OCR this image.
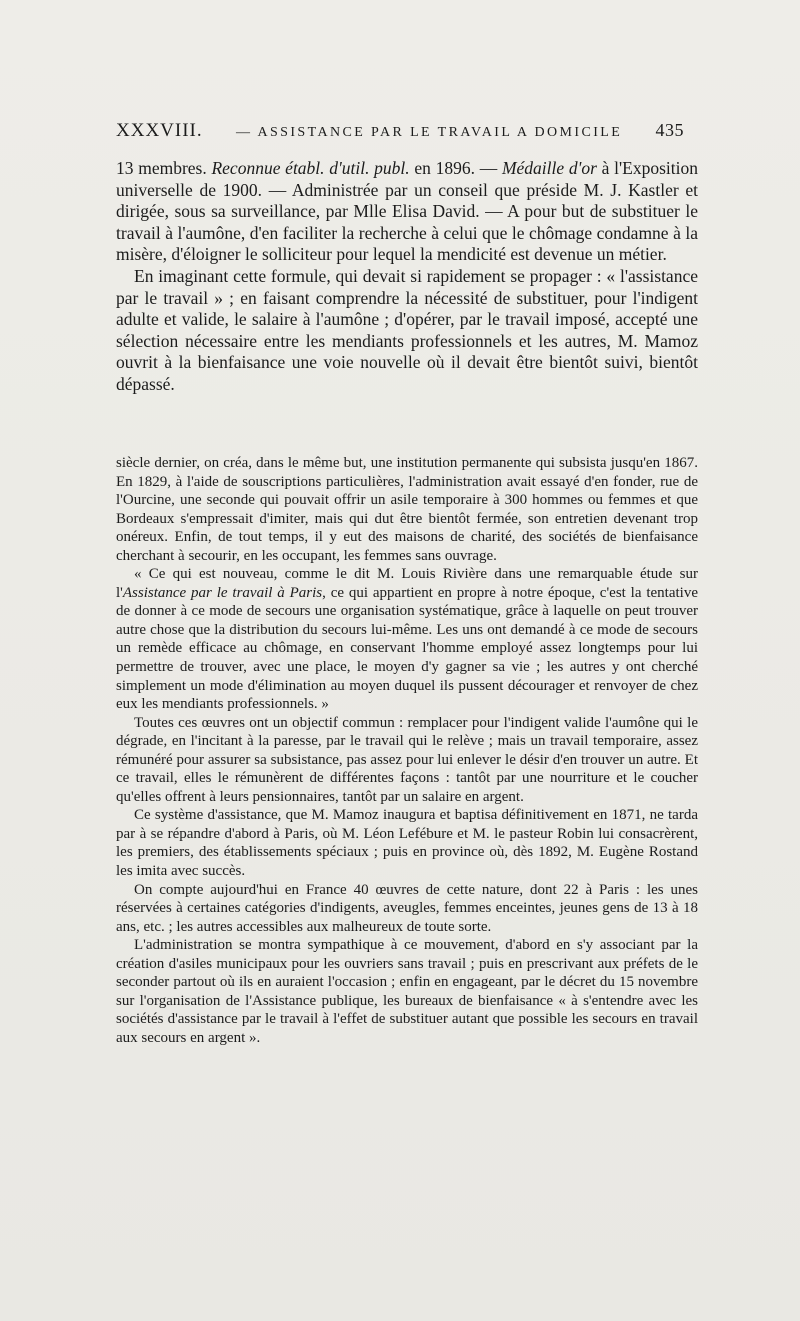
XXXVIII. — ASSISTANCE PAR LE TRAVAIL A DOMICILE 435

13 membres. Reconnue établ. d'util. publ. en 1896. — Médaille d'or à l'Exposition universelle de 1900. — Administrée par un conseil que préside M. J. Kastler et dirigée, sous sa surveillance, par Mlle Elisa David. — A pour but de substituer le travail à l'aumône, d'en faciliter la recherche à celui que le chômage condamne à la misère, d'éloigner le solliciteur pour lequel la mendicité est devenue un métier.

En imaginant cette formule, qui devait si rapidement se propager : « l'assistance par le travail » ; en faisant comprendre la nécessité de substituer, pour l'indigent adulte et valide, le salaire à l'aumône ; d'opérer, par le travail imposé, accepté une sélection nécessaire entre les mendiants professionnels et les autres, M. Mamoz ouvrit à la bienfaisance une voie nouvelle où il devait être bientôt suivi, bientôt dépassé.

siècle dernier, on créa, dans le même but, une institution permanente qui subsista jusqu'en 1867. En 1829, à l'aide de souscriptions particulières, l'administration avait essayé d'en fonder, rue de l'Ourcine, une seconde qui pouvait offrir un asile temporaire à 300 hommes ou femmes et que Bordeaux s'empressait d'imiter, mais qui dut être bientôt fermée, son entretien devenant trop onéreux. Enfin, de tout temps, il y eut des maisons de charité, des sociétés de bienfaisance cherchant à secourir, en les occupant, les femmes sans ouvrage.

« Ce qui est nouveau, comme le dit M. Louis Rivière dans une remarquable étude sur l'Assistance par le travail à Paris, ce qui appartient en propre à notre époque, c'est la tentative de donner à ce mode de secours une organisation systématique, grâce à laquelle on peut trouver autre chose que la distribution du secours lui-même. Les uns ont demandé à ce mode de secours un remède efficace au chômage, en conservant l'homme employé assez longtemps pour lui permettre de trouver, avec une place, le moyen d'y gagner sa vie ; les autres y ont cherché simplement un mode d'élimination au moyen duquel ils pussent décourager et renvoyer de chez eux les mendiants professionnels. »

Toutes ces œuvres ont un objectif commun : remplacer pour l'indigent valide l'aumône qui le dégrade, en l'incitant à la paresse, par le travail qui le relève ; mais un travail temporaire, assez rémunéré pour assurer sa subsistance, pas assez pour lui enlever le désir d'en trouver un autre. Et ce travail, elles le rémunèrent de différentes façons : tantôt par une nourriture et le coucher qu'elles offrent à leurs pensionnaires, tantôt par un salaire en argent.

Ce système d'assistance, que M. Mamoz inaugura et baptisa définitivement en 1871, ne tarda par à se répandre d'abord à Paris, où M. Léon Lefébure et M. le pasteur Robin lui consacrèrent, les premiers, des établissements spéciaux ; puis en province où, dès 1892, M. Eugène Rostand les imita avec succès.

On compte aujourd'hui en France 40 œuvres de cette nature, dont 22 à Paris : les unes réservées à certaines catégories d'indigents, aveugles, femmes enceintes, jeunes gens de 13 à 18 ans, etc. ; les autres accessibles aux malheureux de toute sorte.

L'administration se montra sympathique à ce mouvement, d'abord en s'y associant par la création d'asiles municipaux pour les ouvriers sans travail ; puis en prescrivant aux préfets de le seconder partout où ils en auraient l'occasion ; enfin en engageant, par le décret du 15 novembre sur l'organisation de l'Assistance publique, les bureaux de bienfaisance « à s'entendre avec les sociétés d'assistance par le travail à l'effet de substituer autant que possible les secours en travail aux secours en argent ».
